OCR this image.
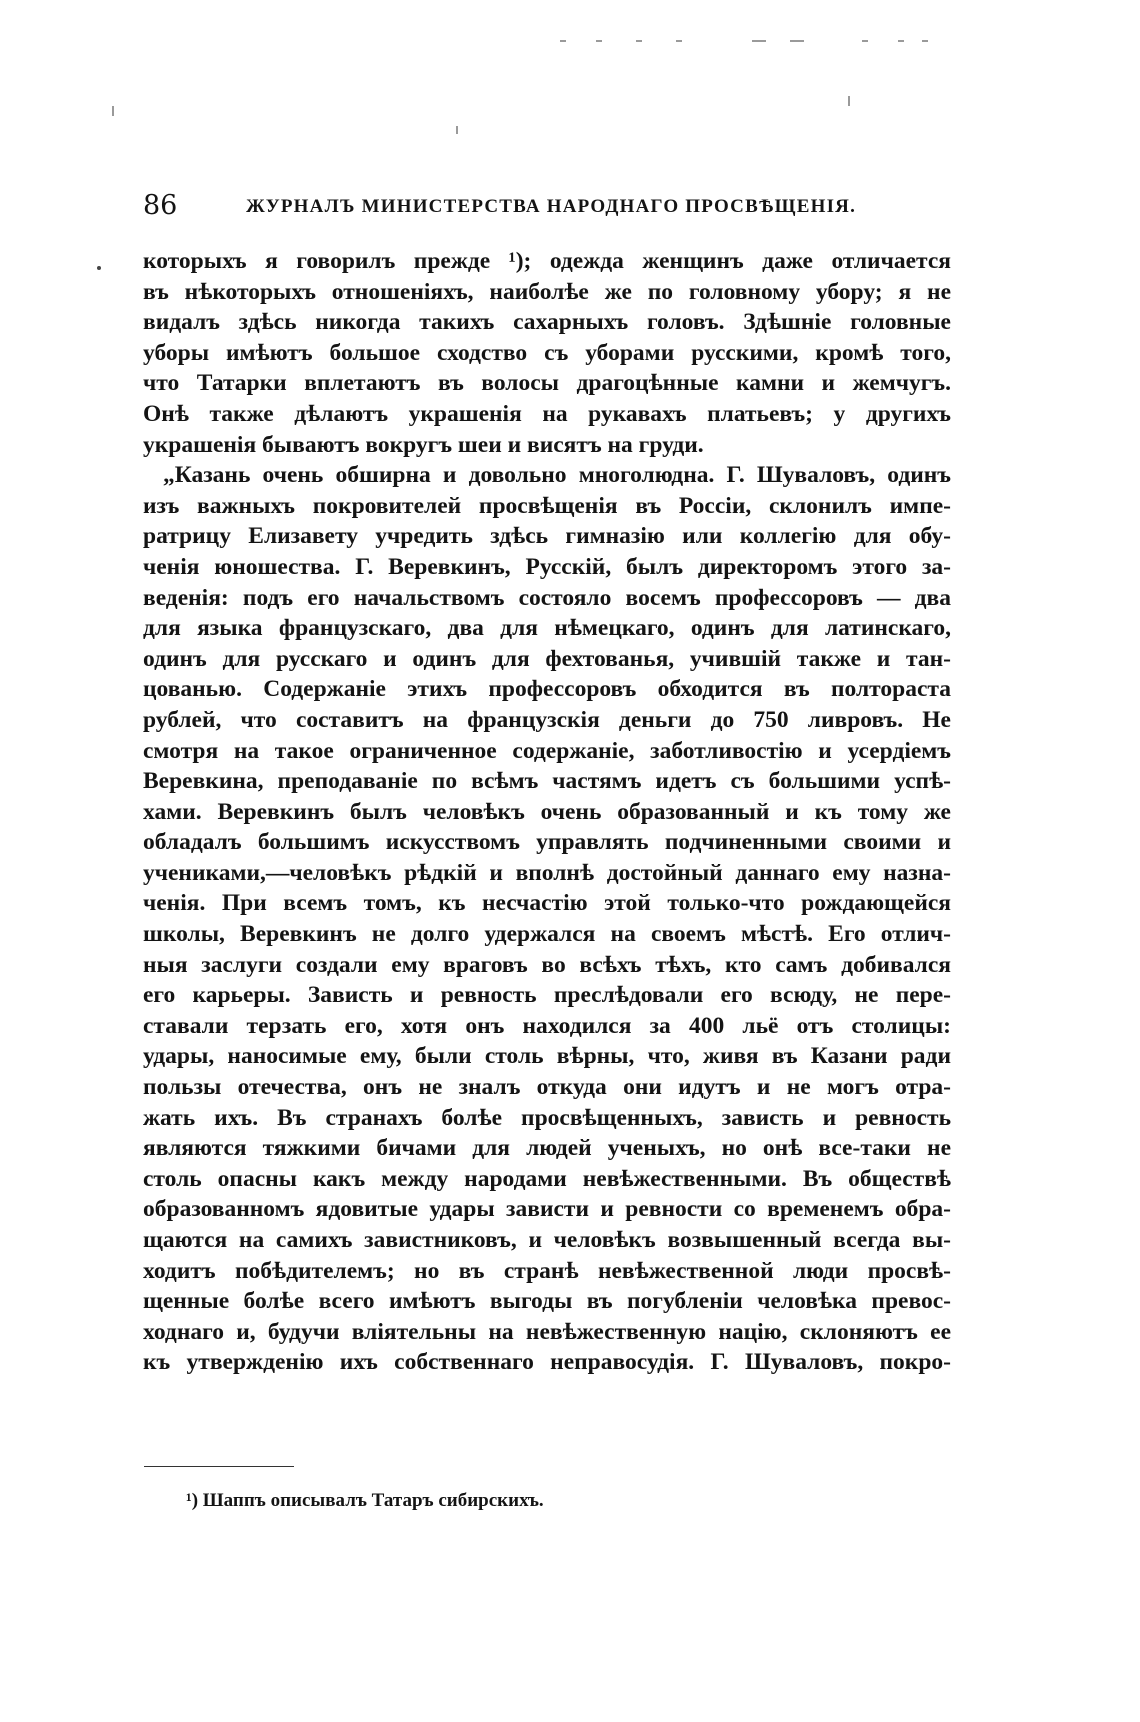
86	ЖУРНАЛЪ МИНИСТЕРСТВА НАРОДНАГО ПРОСВѢЩЕНІЯ.
которыхъ я говорилъ прежде ¹); одежда женщинъ даже отличается
въ нѣкоторыхъ отношеніяхъ, наиболѣе же по головному убору; я не
видалъ здѣсь никогда такихъ сахарныхъ головъ. Здѣшніе головные
уборы имѣютъ большое сходство съ уборами русскими, кромѣ того,
что Татарки вплетаютъ въ волосы драгоцѣнные камни и жемчугъ.
Онѣ также дѣлаютъ украшенія на рукавахъ платьевъ; у другихъ
украшенія бываютъ вокругъ шеи и висятъ на груди.
„Казань очень обширна и довольно многолюдна. Г. Шуваловъ, одинъ
изъ важныхъ покровителей просвѣщенія въ Россіи, склонилъ импе-
ратрицу Елизавету учредить здѣсь гимназію или коллегію для обу-
ченія юношества. Г. Веревкинъ, Русскій, былъ директоромъ этого за-
веденія: подъ его начальствомъ состояло восемъ профессоровъ — два
для языка французскаго, два для нѣмецкаго, одинъ для латинскаго,
одинъ для русскаго и одинъ для фехтованья, учившій также и тан-
цованью. Содержаніе этихъ профессоровъ обходится въ полтораста
рублей, что составитъ на французскія деньги до 750 ливровъ. Не
смотря на такое ограниченное содержаніе, заботливостію и усердіемъ
Веревкина, преподаваніе по всѣмъ частямъ идетъ съ большими успѣ-
хами. Веревкинъ былъ человѣкъ очень образованный и къ тому же
обладалъ большимъ искусствомъ управлять подчиненными своими и
учениками,—человѣкъ рѣдкій и вполнѣ достойный даннаго ему назна-
ченія. При всемъ томъ, къ несчастію этой только-что рождающейся
школы, Веревкинъ не долго удержался на своемъ мѣстѣ. Его отлич-
ныя заслуги создали ему враговъ во всѣхъ тѣхъ, кто самъ добивался
его карьеры. Зависть и ревность преслѣдовали его всюду, не пере-
ставали терзать его, хотя онъ находился за 400 льё отъ столицы:
удары, наносимые ему, были столь вѣрны, что, живя въ Казани ради
пользы отечества, онъ не зналъ откуда они идутъ и не могъ отра-
жать ихъ. Въ странахъ болѣе просвѣщенныхъ, зависть и ревность
являются тяжкими бичами для людей ученыхъ, но онѣ все-таки не
столь опасны какъ между народами невѣжественными. Въ обществѣ
образованномъ ядовитые удары зависти и ревности со временемъ обра-
щаются на самихъ завистниковъ, и человѣкъ возвышенный всегда вы-
ходитъ побѣдителемъ; но въ странѣ невѣжественной люди просвѣ-
щенные болѣе всего имѣютъ выгоды въ погубленіи человѣка превос-
ходнаго и, будучи вліятельны на невѣжественную націю, склоняютъ ее
къ утвержденію ихъ собственнаго неправосудія. Г. Шуваловъ, покро-
¹) Шаппъ описывалъ Татаръ сибирскихъ.
